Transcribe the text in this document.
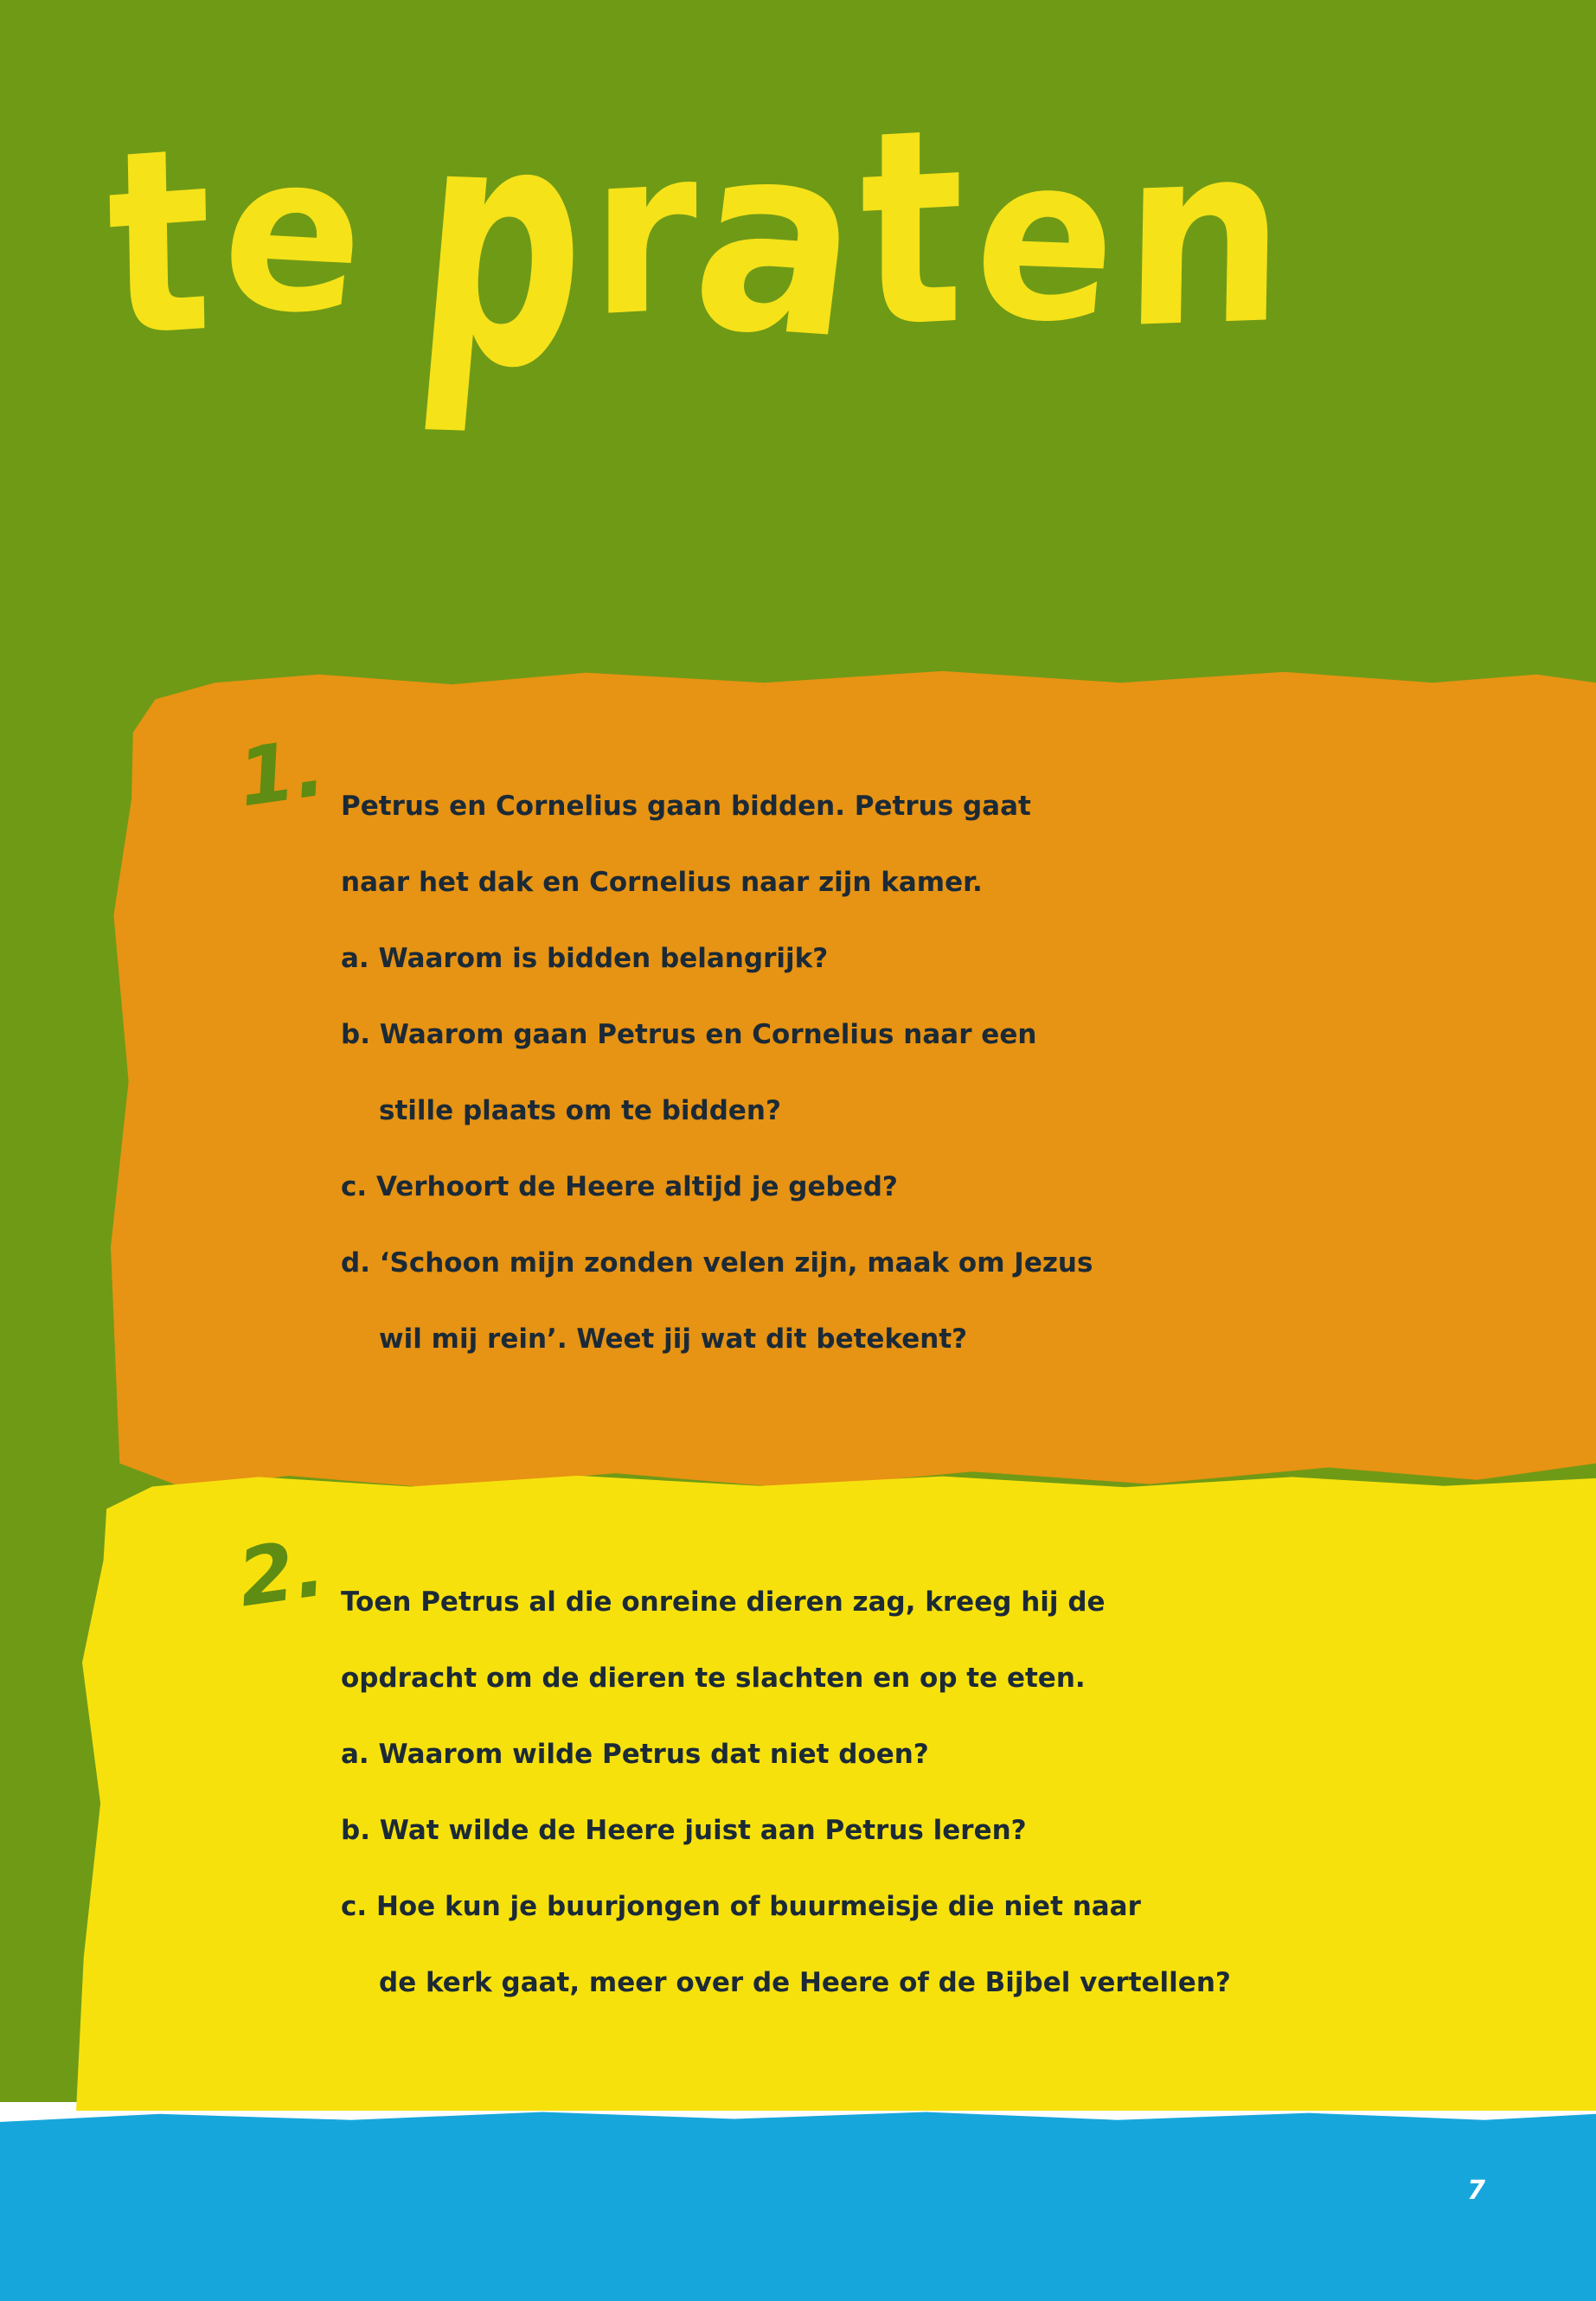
tepraten
1. Petrus en Cornelius gaan bidden. Petrus gaat
naar het dak en Cornelius naar zijn kamer.
a. Waarom is bidden belangrijk?
b. Waarom gaan Petrus en Cornelius naar een
stille plaats om te bidden?
c. Verhoort de Heere altijd je gebed?
d. ‘Schoon mijn zonden velen zijn, maak om Jezus
wil mij rein’. Weet jij wat dit betekent?
2. Toen Petrus al die onreine dieren zag, kreeg hij de
opdracht om de dieren te slachten en op te eten.
a. Waarom wilde Petrus dat niet doen?
b. Wat wilde de Heere juist aan Petrus leren?
c. Hoe kun je buurjongen of buurmeisje die niet naar
de kerk gaat, meer over de Heere of de Bijbel vertellen?
7
